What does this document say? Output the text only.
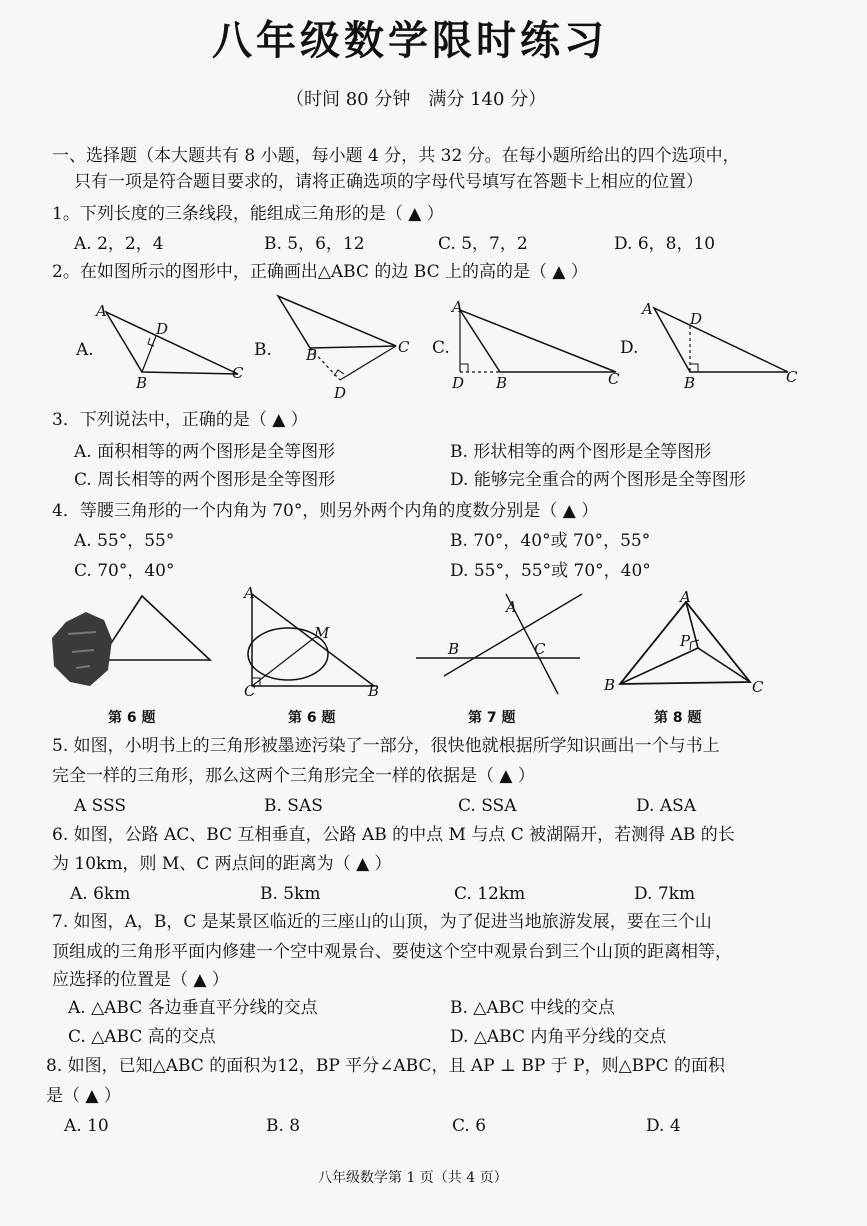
八年级数学限时练习
（时间 80 分钟　满分 140 分）
一、选择题（本大题共有 8 小题，每小题 4 分，共 32 分。在每小题所给出的四个选项中，
只有一项是符合题目要求的，请将正确选项的字母代号填写在答题卡上相应的位置）
1。下列长度的三条线段，能组成三角形的是（ ▲ ）
A. 2，2，4	B. 5，6，12	C. 5，7，2	D. 6，8，10
2。在如图所示的图形中，正确画出△ABC 的边 BC 上的高的是（ ▲ ）
A.
A
D
B
C
B. B	C
D
C.
A
D B	C
D.
A
D
B	C
3．下列说法中，正确的是（ ▲ ）
A. 面积相等的两个图形是全等图形	B. 形状相等的两个图形是全等图形
C. 周长相等的两个图形是全等图形	D. 能够完全重合的两个图形是全等图形
4．等腰三角形的一个内角为 70°，则另外两个内角的度数分别是（ ▲ ）
A. 55°，55°	B. 70°，40°或 70°，55°
C. 70°，40°	D. 55°，55°或 70°，40°
A
M
C	B
A
B	C
A
P
B	C
第 6 题	第 6 题	第 7 题	第 8 题
5. 如图，小明书上的三角形被墨迹污染了一部分，很快他就根据所学知识画出一个与书上
完全一样的三角形，那么这两个三角形完全一样的依据是（ ▲ ）
A SSS	B. SAS	C. SSA	D. ASA
6. 如图，公路 AC、BC 互相垂直，公路 AB 的中点 M 与点 C 被湖隔开，若测得 AB 的长
为 10km，则 M、C 两点间的距离为（ ▲ ）
A. 6km	B. 5km	C. 12km	D. 7km
7. 如图，A，B，C 是某景区临近的三座山的山顶，为了促进当地旅游发展，要在三个山
顶组成的三角形平面内修建一个空中观景台、要使这个空中观景台到三个山顶的距离相等，
应选择的位置是（ ▲ ）
A. △ABC 各边垂直平分线的交点	B. △ABC 中线的交点
C. △ABC 高的交点	D. △ABC 内角平分线的交点
8. 如图，已知△ABC 的面积为12，BP 平分∠ABC，且 AP ⊥ BP 于 P，则△BPC 的面积
是（ ▲ ）
A. 10	B. 8	C. 6	D. 4
八年级数学第 1 页（共 4 页）
